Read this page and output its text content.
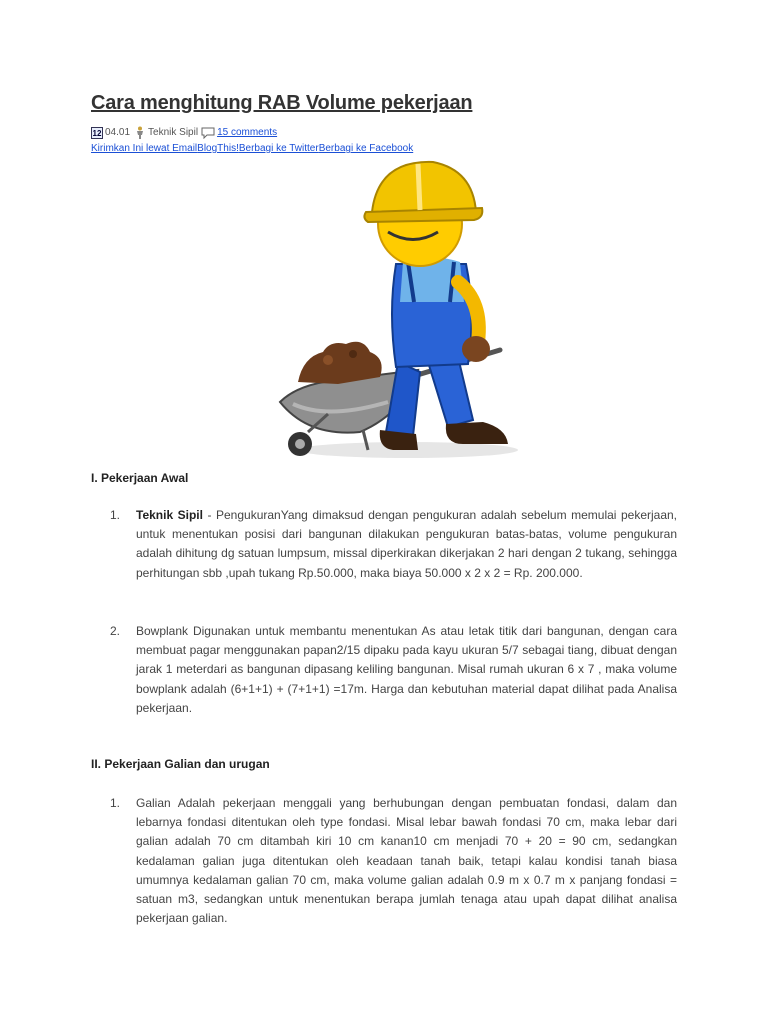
Cara menghitung RAB Volume pekerjaan
12 04.01 Teknik Sipil 15 comments
Kirimkan Ini lewat EmailBlogThis!Berbagi ke TwitterBerbagi ke Facebook
I. Pekerjaan Awal
1. Teknik Sipil - PengukuranYang dimaksud dengan pengukuran adalah sebelum memulai pekerjaan, untuk menentukan posisi dari bangunan dilakukan pengukuran batas-batas, volume pengukuran adalah dihitung dg satuan lumpsum, missal diperkirakan dikerjakan 2 hari dengan 2 tukang, sehingga perhitungan sbb ,upah tukang Rp.50.000, maka biaya 50.000 x 2 x 2 = Rp. 200.000.
2. Bowplank Digunakan untuk membantu menentukan As atau letak titik dari bangunan, dengan cara membuat pagar menggunakan papan2/15 dipaku pada kayu ukuran 5/7 sebagai tiang, dibuat dengan jarak 1 meterdari as bangunan dipasang keliling bangunan. Misal rumah ukuran 6 x 7 , maka volume bowplank adalah (6+1+1) + (7+1+1) =17m. Harga dan kebutuhan material dapat dilihat pada Analisa pekerjaan.
II. Pekerjaan Galian dan urugan
1. Galian Adalah pekerjaan menggali yang berhubungan dengan pembuatan fondasi, dalam dan lebarnya fondasi ditentukan oleh type fondasi. Misal lebar bawah fondasi 70 cm, maka lebar dari galian adalah 70 cm ditambah kiri 10 cm kanan10 cm menjadi 70 + 20 = 90 cm, sedangkan kedalaman galian juga ditentukan oleh keadaan tanah baik, tetapi kalau kondisi tanah biasa umumnya kedalaman galian 70 cm, maka volume galian adalah 0.9 m x 0.7 m x panjang fondasi = satuan m3, sedangkan untuk menentukan berapa jumlah tenaga atau upah dapat dilihat analisa pekerjaan galian.
